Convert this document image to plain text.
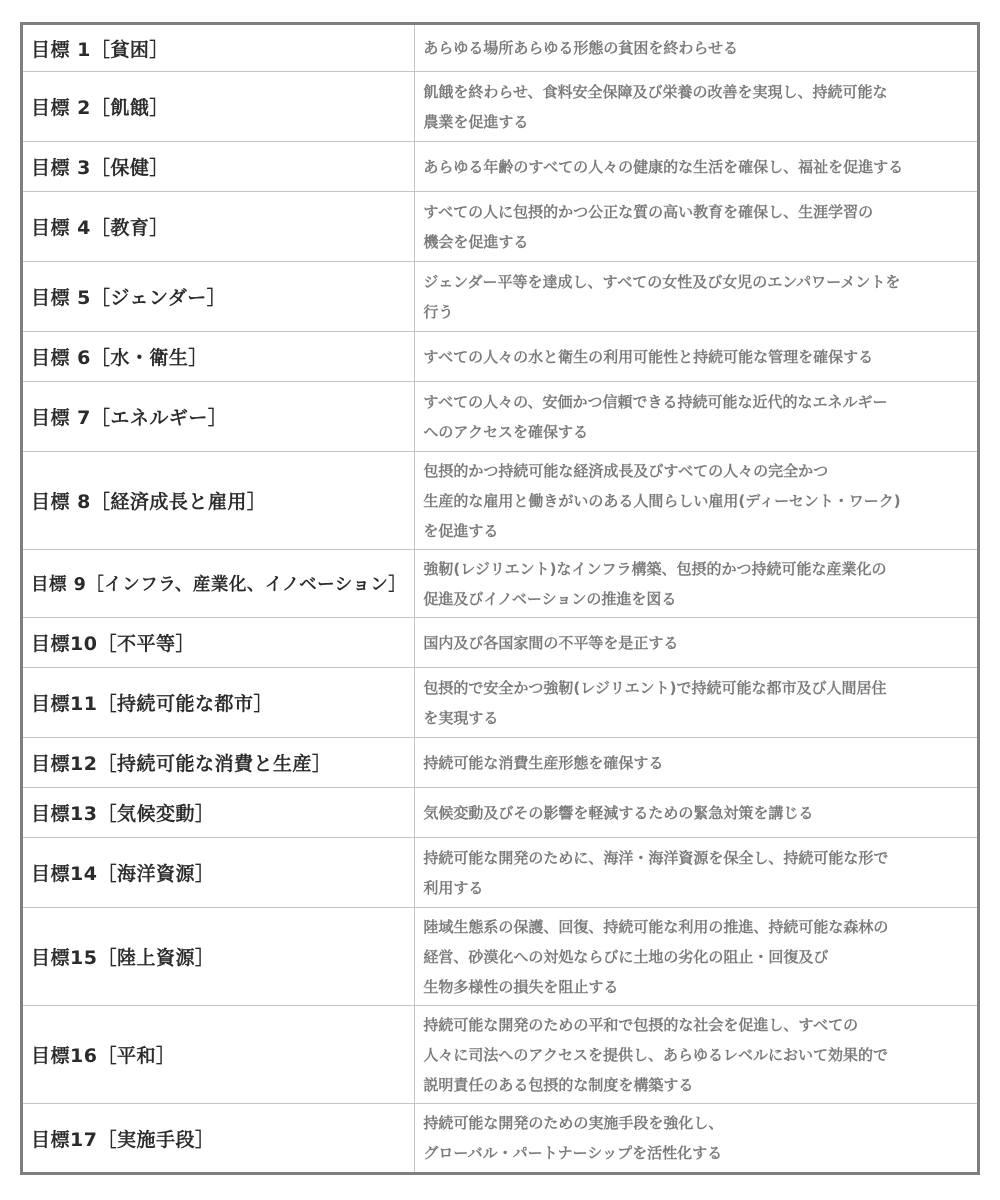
目標 1［貧困］	あらゆる場所あらゆる形態の貧困を終わらせる

目標 2［飢餓］	飢餓を終わらせ、食料安全保障及び栄養の改善を実現し、持続可能な
農業を促進する

目標 3［保健］	あらゆる年齢のすべての人々の健康的な生活を確保し、福祉を促進する

目標 4［教育］	すべての人に包摂的かつ公正な質の高い教育を確保し、生涯学習の
機会を促進する

目標 5［ジェンダー］	ジェンダー平等を達成し、すべての女性及び女児のエンパワーメントを
行う

目標 6［水・衛生］	すべての人々の水と衛生の利用可能性と持続可能な管理を確保する

目標 7［エネルギー］	すべての人々の、安価かつ信頼できる持続可能な近代的なエネルギー
へのアクセスを確保する

目標 8［経済成長と雇用］	包摂的かつ持続可能な経済成長及びすべての人々の完全かつ
生産的な雇用と働きがいのある人間らしい雇用(ディーセント・ワーク)
を促進する

目標 9［インフラ、産業化、イノベーション］	強靭(レジリエント)なインフラ構築、包摂的かつ持続可能な産業化の
促進及びイノベーションの推進を図る

目標10［不平等］	国内及び各国家間の不平等を是正する

目標11［持続可能な都市］	包摂的で安全かつ強靭(レジリエント)で持続可能な都市及び人間居住
を実現する

目標12［持続可能な消費と生産］	持続可能な消費生産形態を確保する

目標13［気候変動］	気候変動及びその影響を軽減するための緊急対策を講じる

目標14［海洋資源］	持続可能な開発のために、海洋・海洋資源を保全し、持続可能な形で
利用する

目標15［陸上資源］	陸域生態系の保護、回復、持続可能な利用の推進、持続可能な森林の
経営、砂漠化への対処ならびに土地の劣化の阻止・回復及び
生物多様性の損失を阻止する

目標16［平和］	持続可能な開発のための平和で包摂的な社会を促進し、すべての
人々に司法へのアクセスを提供し、あらゆるレベルにおいて効果的で
説明責任のある包摂的な制度を構築する

目標17［実施手段］	持続可能な開発のための実施手段を強化し、
グローバル・パートナーシップを活性化する
